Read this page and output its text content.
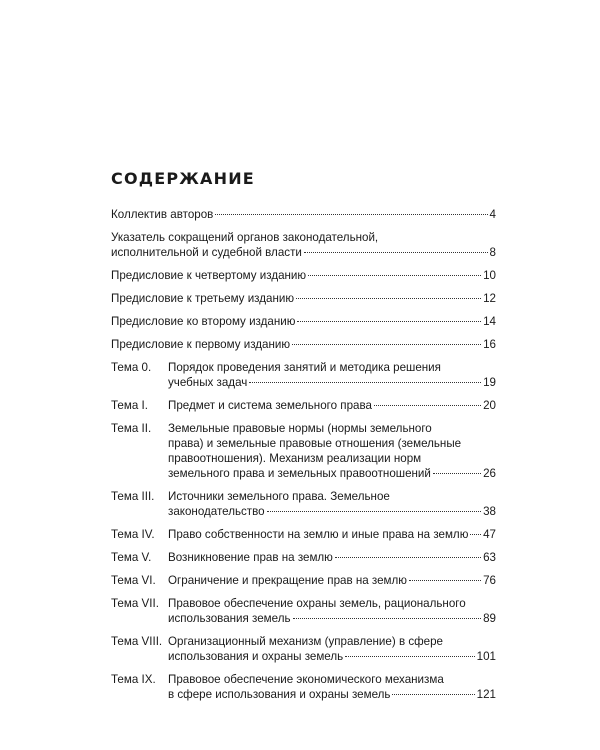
СОДЕРЖАНИЕ
Коллектив авторов	4
Указатель сокращений органов законодательной,
исполнительной и судебной власти	8
Предисловие к четвертому изданию	10
Предисловие к третьему изданию	12
Предисловие ко второму изданию	14
Предисловие к первому изданию	16
Тема 0.	Порядок проведения занятий и методика решения
учебных задач	19
Тема I.	Предмет и система земельного права	20
Тема II.	Земельные правовые нормы (нормы земельного
права) и земельные правовые отношения (земельные
правоотношения). Механизм реализации норм
земельного права и земельных правоотношений	26
Тема III.	Источники земельного права. Земельное
законодательство	38
Тема IV.	Право собственности на землю и иные права на землю 47
Тема V.	Возникновение прав на землю	63
Тема VI.	Ограничение и прекращение прав на землю	76
Тема VII. Правовое обеспечение охраны земель, рационального
использования земель	89
Тема VIII. Организационный механизм (управление) в сфере
использования и охраны земель	101
Тема IX.	Правовое обеспечение экономического механизма
в сфере использования и охраны земель	121
